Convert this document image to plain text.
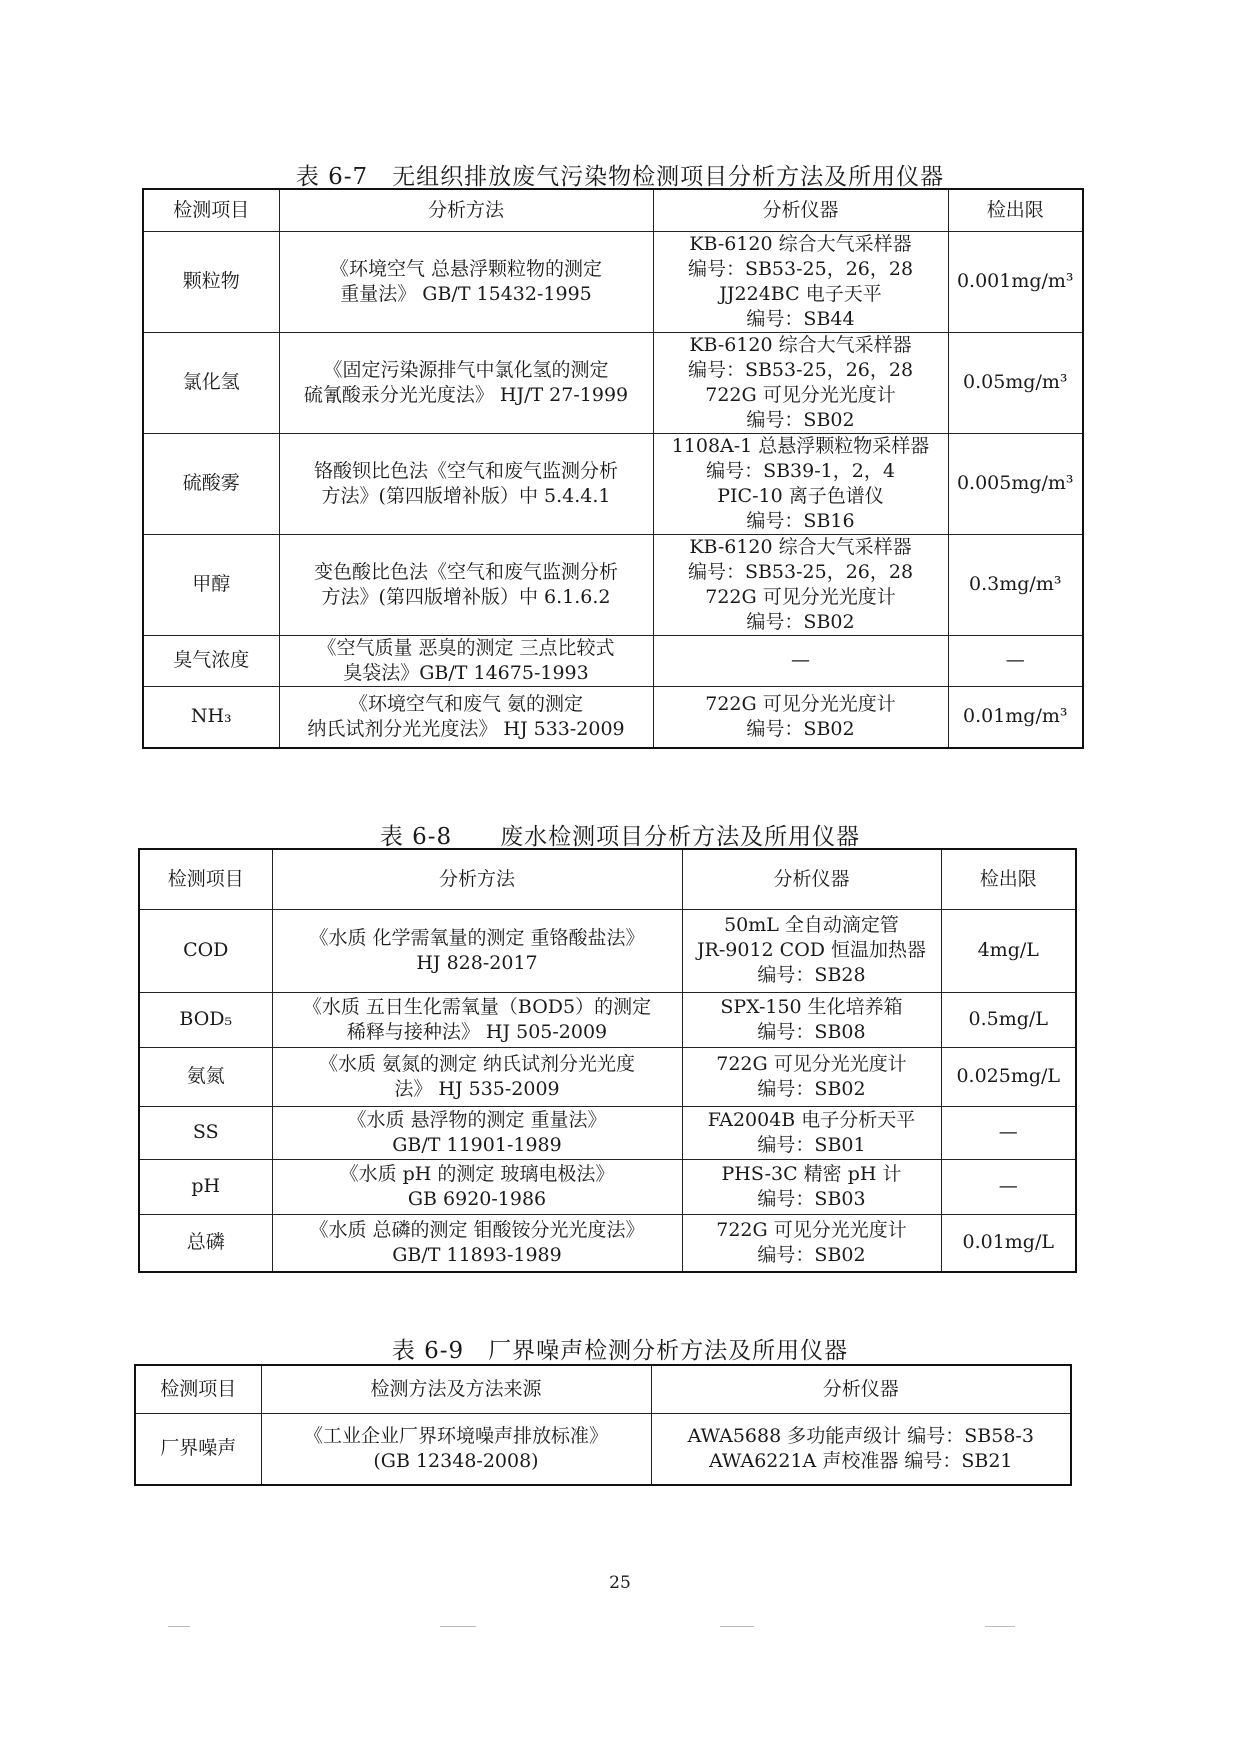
表 6-7　无组织排放废气污染物检测项目分析方法及所用仪器
检测项目	分析方法	分析仪器	检出限
颗粒物	《环境空气 总悬浮颗粒物的测定
重量法》 GB/T 15432-1995	KB-6120 综合大气采样器
编号：SB53-25，26，28
JJ224BC 电子天平
编号：SB44	0.001mg/m³
氯化氢	《固定污染源排气中氯化氢的测定
硫氰酸汞分光光度法》 HJ/T 27-1999	KB-6120 综合大气采样器
编号：SB53-25，26，28
722G 可见分光光度计
编号：SB02	0.05mg/m³
硫酸雾	铬酸钡比色法《空气和废气监测分析
方法》(第四版增补版）中 5.4.4.1	1108A-1 总悬浮颗粒物采样器
编号：SB39-1，2，4
PIC-10 离子色谱仪
编号：SB16	0.005mg/m³
甲醇	变色酸比色法《空气和废气监测分析
方法》(第四版增补版）中 6.1.6.2	KB-6120 综合大气采样器
编号：SB53-25，26，28
722G 可见分光光度计
编号：SB02	0.3mg/m³
臭气浓度	《空气质量 恶臭的测定 三点比较式
臭袋法》GB/T 14675-1993	—	—
NH₃	《环境空气和废气 氨的测定
纳氏试剂分光光度法》 HJ 533-2009	722G 可见分光光度计
编号：SB02	0.01mg/m³
表 6-8　　废水检测项目分析方法及所用仪器
检测项目	分析方法	分析仪器	检出限
COD	《水质 化学需氧量的测定 重铬酸盐法》
HJ 828-2017	50mL 全自动滴定管
JR-9012 COD 恒温加热器
编号：SB28	4mg/L
BOD₅	《水质 五日生化需氧量（BOD5）的测定
稀释与接种法》 HJ 505-2009	SPX-150 生化培养箱
编号：SB08	0.5mg/L
氨氮	《水质 氨氮的测定 纳氏试剂分光光度
法》 HJ 535-2009	722G 可见分光光度计
编号：SB02	0.025mg/L
SS	《水质 悬浮物的测定 重量法》
GB/T 11901-1989	FA2004B 电子分析天平
编号：SB01	—
pH	《水质 pH 的测定 玻璃电极法》
GB 6920-1986	PHS-3C 精密 pH 计
编号：SB03	—
总磷	《水质 总磷的测定 钼酸铵分光光度法》
GB/T 11893-1989	722G 可见分光光度计
编号：SB02	0.01mg/L
表 6-9　厂界噪声检测分析方法及所用仪器
检测项目	检测方法及方法来源	分析仪器
厂界噪声	《工业企业厂界环境噪声排放标准》
(GB 12348-2008)	AWA5688 多功能声级计 编号：SB58-3
AWA6221A 声校准器 编号：SB21
25
